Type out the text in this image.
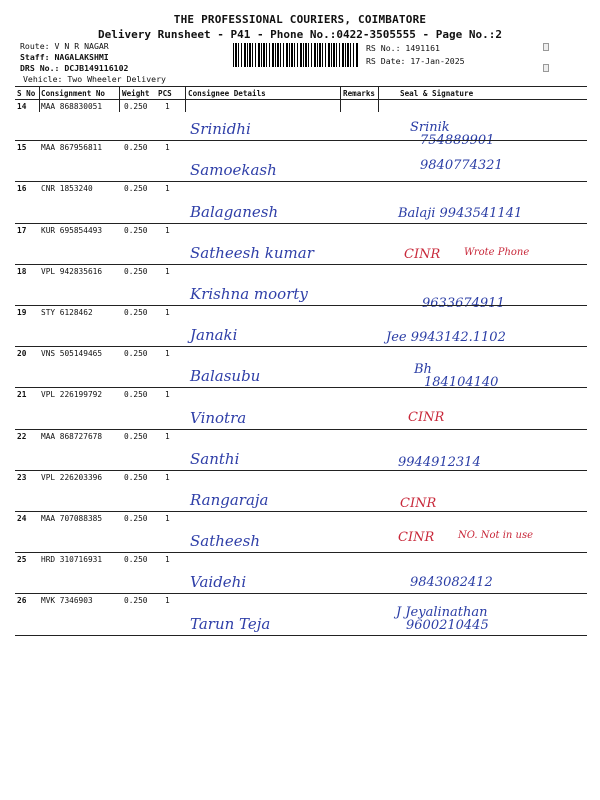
THE PROFESSIONAL COURIERS, COIMBATORE
Delivery Runsheet - P41 - Phone No.:0422-3505555 - Page No.:2
Route: V N R NAGAR
Staff: NAGALAKSHMI
DRS No.: DCJB149116102
Vehicle: Two Wheeler Delivery
RS No.: 1491161
RS Date: 17-Jan-2025
S No Consignment No Weight PCS Consignee Details	Remarks	Seal & Signature
14 MAA 868830051	0.250 1
Srinidhi	Srinik
754889901
15 MAA 867956811	0.250 1
Samoekash	9840774321
16 CNR 1853240	0.250 1
Balaganesh	Balaji 9943541141
17 KUR 695854493	0.250 1
Satheesh kumar	CINR Wrote Phone
18 VPL 942835616	0.250 1
Krishna moorty
9633674911
19 STY 6128462	0.250 1
Janaki	Jee 9943142.1102
20 VNS 505149465	0.250 1
Balasubu	Bh
184104140
21 VPL 226199792	0.250 1
Vinotra	CINR
22 MAA 868727678	0.250 1
Santhi	9944912314
23 VPL 226203396	0.250 1
Rangaraja	CINR
24 MAA 707088385	0.250 1
Satheesh	CINR NO. Not in use
25 HRD 310716931	0.250 1
Vaidehi	9843082412
26 MVK 7346903	0.250 1
Tarun Teja
J Jeyalinathan
9600210445
